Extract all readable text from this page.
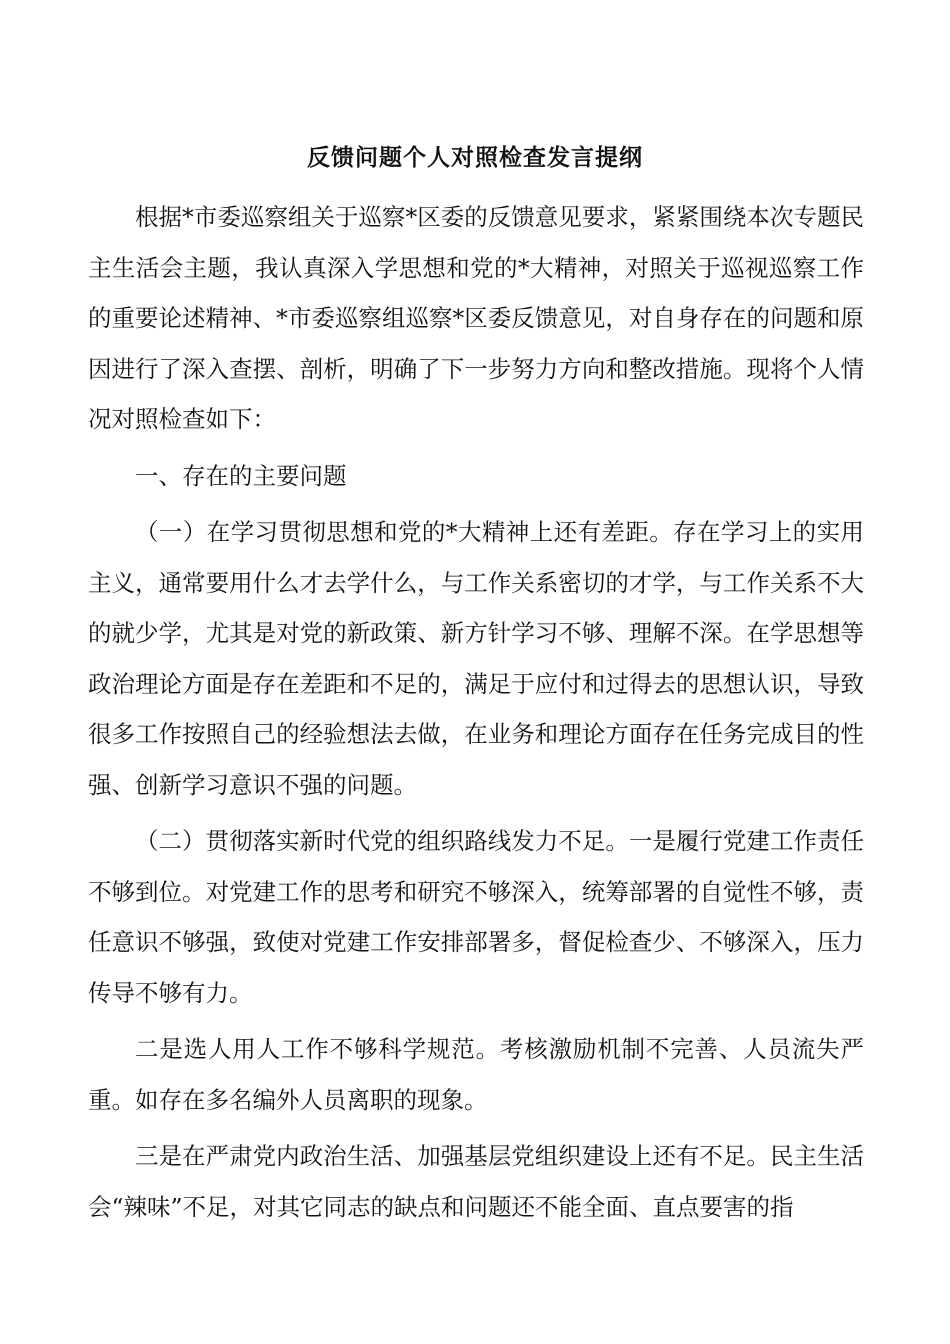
反馈问题个人对照检查发言提纲

根据*市委巡察组关于巡察*区委的反馈意见要求，紧紧围绕本次专题民主生活会主题，我认真深入学思想和党的*大精神，对照关于巡视巡察工作的重要论述精神、*市委巡察组巡察*区委反馈意见，对自身存在的问题和原因进行了深入查摆、剖析，明确了下一步努力方向和整改措施。现将个人情况对照检查如下：

一、存在的主要问题

（一）在学习贯彻思想和党的*大精神上还有差距。存在学习上的实用主义，通常要用什么才去学什么，与工作关系密切的才学，与工作关系不大的就少学，尤其是对党的新政策、新方针学习不够、理解不深。在学思想等政治理论方面是存在差距和不足的，满足于应付和过得去的思想认识，导致很多工作按照自己的经验想法去做，在业务和理论方面存在任务完成目的性强、创新学习意识不强的问题。

（二）贯彻落实新时代党的组织路线发力不足。一是履行党建工作责任不够到位。对党建工作的思考和研究不够深入，统筹部署的自觉性不够，责任意识不够强，致使对党建工作安排部署多，督促检查少、不够深入，压力传导不够有力。

二是选人用人工作不够科学规范。考核激励机制不完善、人员流失严重。如存在多名编外人员离职的现象。

三是在严肃党内政治生活、加强基层党组织建设上还有不足。民主生活会“辣味”不足，对其它同志的缺点和问题还不能全面、直点要害的指
